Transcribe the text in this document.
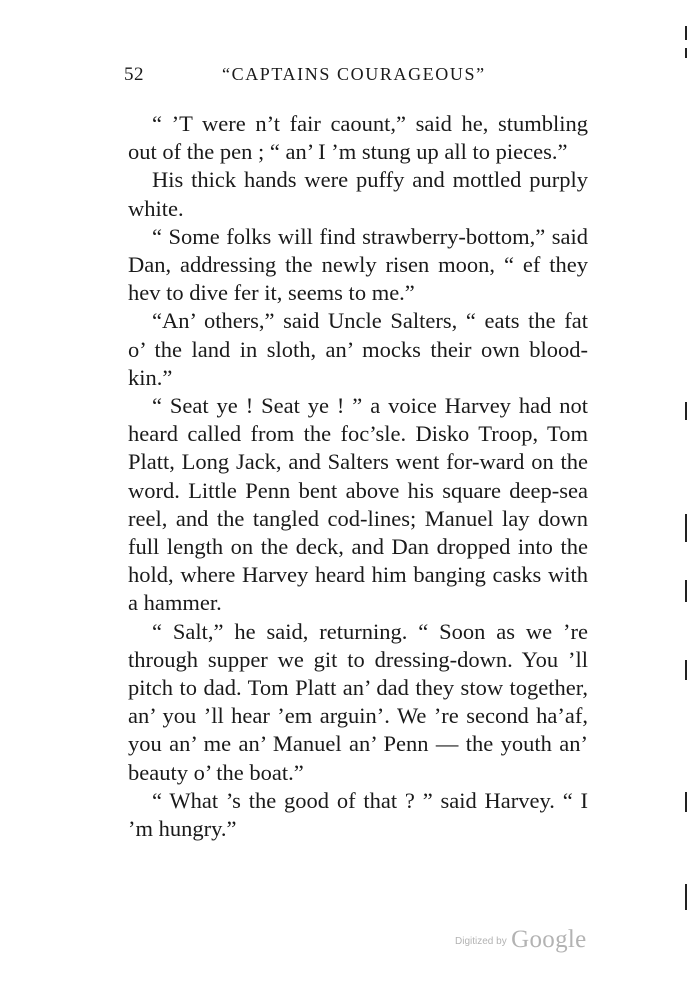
52	“CAPTAINS COURAGEOUS”

“ ’T were n’t fair caount,” said he, stumbling out of the pen ; “ an’ I ’m stung up all to pieces.”

His thick hands were puffy and mottled purply white.

“ Some folks will find strawberry-bottom,” said Dan, addressing the newly risen moon, “ ef they hev to dive fer it, seems to me.”

“An’ others,” said Uncle Salters, “ eats the fat o’ the land in sloth, an’ mocks their own blood-kin.”

“ Seat ye ! Seat ye ! ” a voice Harvey had not heard called from the foc’sle. Disko Troop, Tom Platt, Long Jack, and Salters went for-ward on the word. Little Penn bent above his square deep-sea reel, and the tangled cod-lines; Manuel lay down full length on the deck, and Dan dropped into the hold, where Harvey heard him banging casks with a hammer.

“ Salt,” he said, returning. “ Soon as we ’re through supper we git to dressing-down. You ’ll pitch to dad. Tom Platt an’ dad they stow together, an’ you ’ll hear ’em arguin’. We ’re second ha’af, you an’ me an’ Manuel an’ Penn — the youth an’ beauty o’ the boat.”

“ What ’s the good of that ? ” said Harvey. “ I ’m hungry.”

Digitized by Google
